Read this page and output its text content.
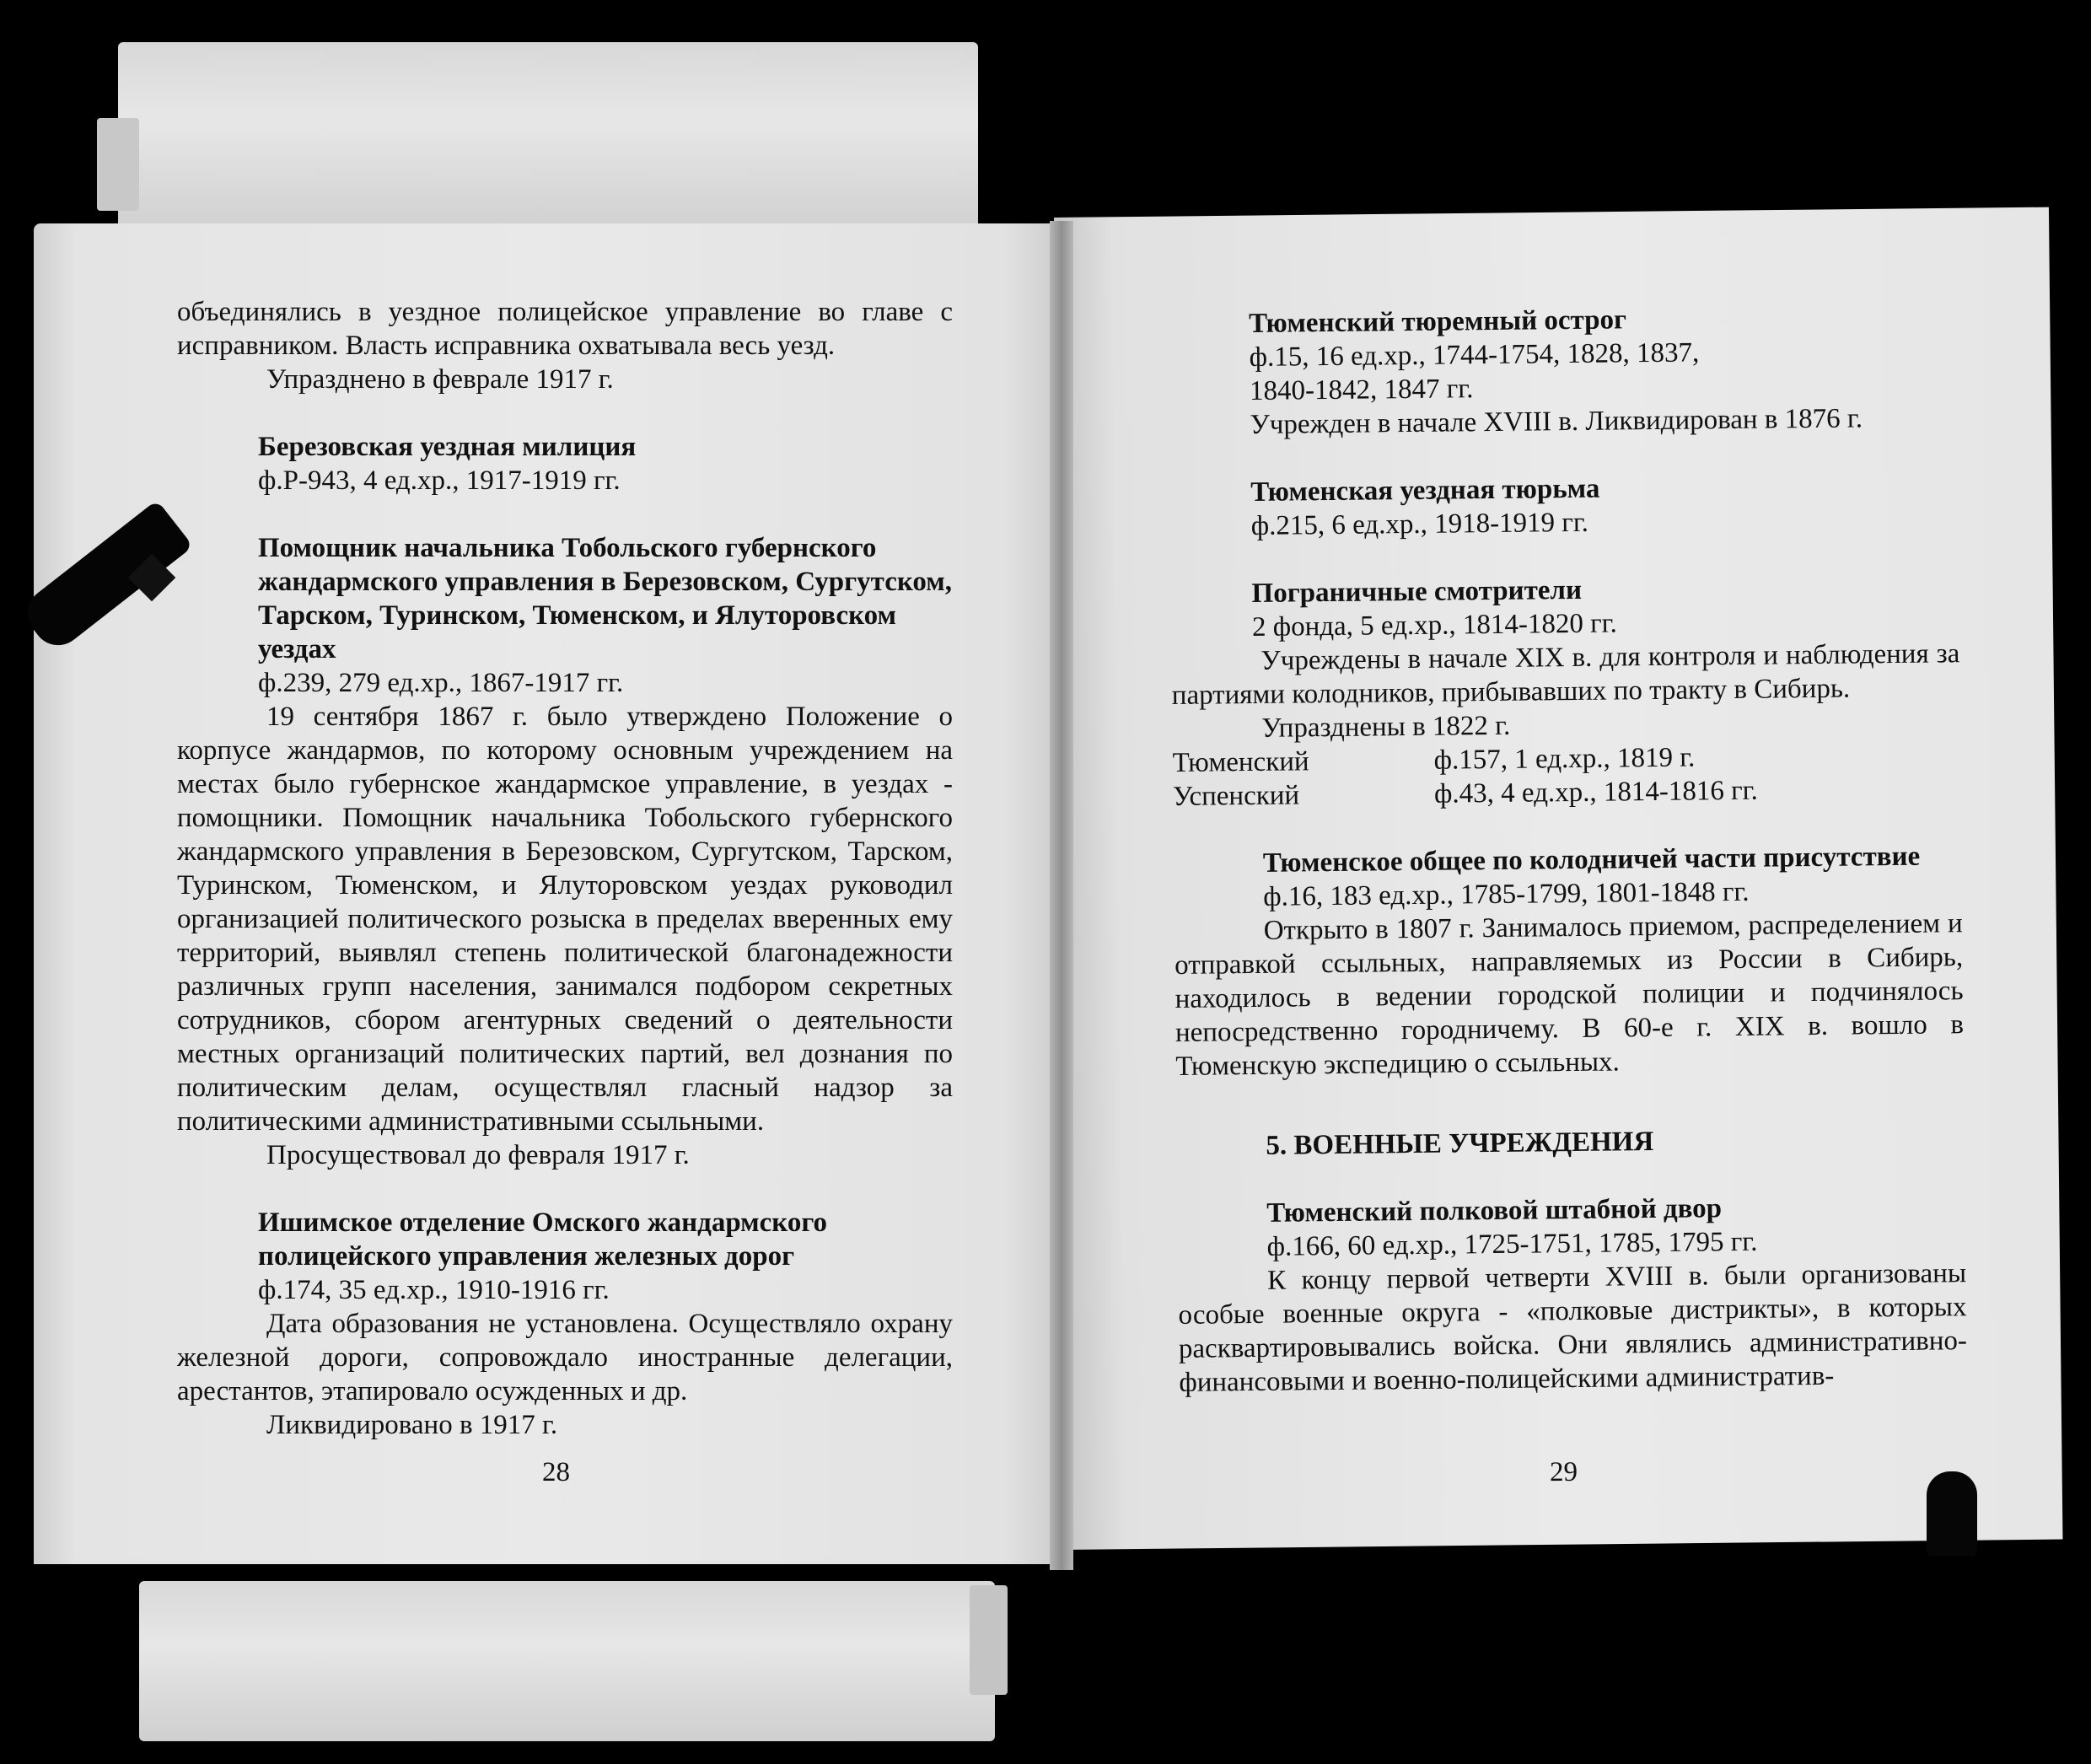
объединялись в уездное полицейское управление во главе с исправником. Власть исправника охватывала весь уезд.

Упразднено в феврале 1917 г.

Березовская уездная милиция

ф.Р-943, 4 ед.хр., 1917-1919 гг.

Помощник начальника Тобольского губернского жандармского управления в Березовском, Сургутском, Тарском, Туринском, Тюменском, и Ялуторовском уездах

ф.239, 279 ед.хр., 1867-1917 гг.

19 сентября 1867 г. было утверждено Положение о корпусе жандармов, по которому основным учреждением на местах было губернское жандармское управление, в уездах - помощники. Помощник начальника Тобольского губернского жандармского управления в Березовском, Сургутском, Тарском, Туринском, Тюменском, и Ялуторовском уездах руководил организацией политического розыска в пределах вверенных ему территорий, выявлял степень политической благонадежности различных групп населения, занимался подбором секретных сотрудников, сбором агентурных сведений о деятельности местных организаций политических партий, вел дознания по политическим делам, осуществлял гласный надзор за политическими административными ссыльными.

Просуществовал до февраля 1917 г.

Ишимское отделение Омского жандармского полицейского управления железных дорог

ф.174, 35 ед.хр., 1910-1916 гг.

Дата образования не установлена. Осуществляло охрану железной дороги, сопровождало иностранные делегации, арестантов, этапировало осужденных и др.

Ликвидировано в 1917 г.

28

Тюменский тюремный острог

ф.15, 16 ед.хр., 1744-1754, 1828, 1837, 1840-1842, 1847 гг.

Учрежден в начале XVIII в. Ликвидирован в 1876 г.

Тюменская уездная тюрьма

ф.215, 6 ед.хр., 1918-1919 гг.

Пограничные смотрители

2 фонда, 5 ед.хр., 1814-1820 гг.

Учреждены в начале XIX в. для контроля и наблюдения за партиями колодников, прибывавших по тракту в Сибирь.

Упразднены в 1822 г.

Тюменский	ф.157, 1 ед.хр., 1819 г.
Успенский	ф.43, 4 ед.хр., 1814-1816 гг.

Тюменское общее по колодничей части присутствие

ф.16, 183 ед.хр., 1785-1799, 1801-1848 гг.

Открыто в 1807 г. Занималось приемом, распределением и отправкой ссыльных, направляемых из России в Сибирь, находилось в ведении городской полиции и подчинялось непосредственно городничему. В 60-е г. XIX в. вошло в Тюменскую экспедицию о ссыльных.

5. ВОЕННЫЕ УЧРЕЖДЕНИЯ

Тюменский полковой штабной двор

ф.166, 60 ед.хр., 1725-1751, 1785, 1795 гг.

К концу первой четверти XVIII в. были организованы особые военные округа - «полковые дистрикты», в которых расквартировывались войска. Они являлись административно-финансовыми и военно-полицейскими административ-

29
